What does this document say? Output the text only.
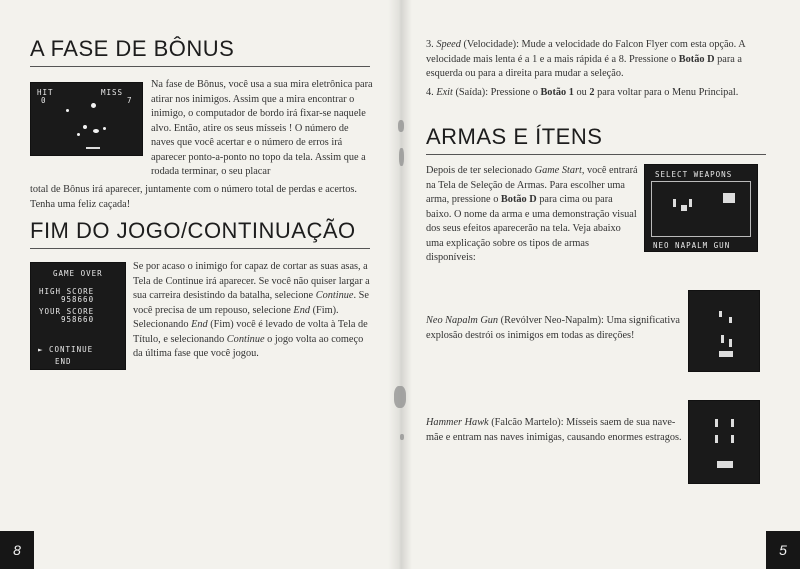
A FASE DE BÔNUS
HIT
0
MISS
7
Na fase de Bônus, você usa a sua mira eletrônica para atirar nos inimigos. Assim que a mira encontrar o inimigo, o computador de bordo irá fixar-se naquele alvo. Então, atire os seus mísseis ! O número de naves que você acertar e o número de erros irá aparecer ponto-a-ponto no topo da tela. Assim que a rodada terminar, o seu placar
total de Bônus irá aparecer, juntamente com o número total de perdas e acertos. Tenha uma feliz caçada!
FIM DO JOGO/CONTINUAÇÃO
GAME OVER
HIGH SCORE
958660
YOUR SCORE
958660
► CONTINUE
END
Se por acaso o inimigo for capaz de cortar as suas asas, a Tela de Continue irá aparecer. Se você não quiser largar a sua carreira desistindo da batalha, selecione Continue. Se você precisa de um repouso, selecione End (Fim). Selecionando End (Fim) você é levado de volta à Tela de Título, e selecionando Continue o jogo volta ao começo da última fase que você jogou.
8
3. Speed (Velocidade): Mude a velocidade do Falcon Flyer com esta opção. A velocidade mais lenta é a 1 e a mais rápida é a 8. Pressione o Botão D para a esquerda ou para a direita para mudar a seleção.
4. Exit (Saída): Pressione o Botão 1 ou 2 para voltar para o Menu Principal.
ARMAS E ÍTENS
Depois de ter selecionado Game Start, você entrará na Tela de Seleção de Armas. Para escolher uma arma, pressione o Botão D para cima ou para baixo. O nome da arma e uma demonstração visual dos seus efeitos aparecerão na tela. Veja abaixo uma explicação sobre os tipos de armas disponíveis:
SELECT WEAPONS
NEO NAPALM GUN
Neo Napalm Gun (Revólver Neo-Napalm): Uma significativa explosão destrói os inimigos em todas as direções!
Hammer Hawk (Falcão Martelo): Mísseis saem de sua nave-mãe e entram nas naves inimigas, causando enormes estragos.
5
